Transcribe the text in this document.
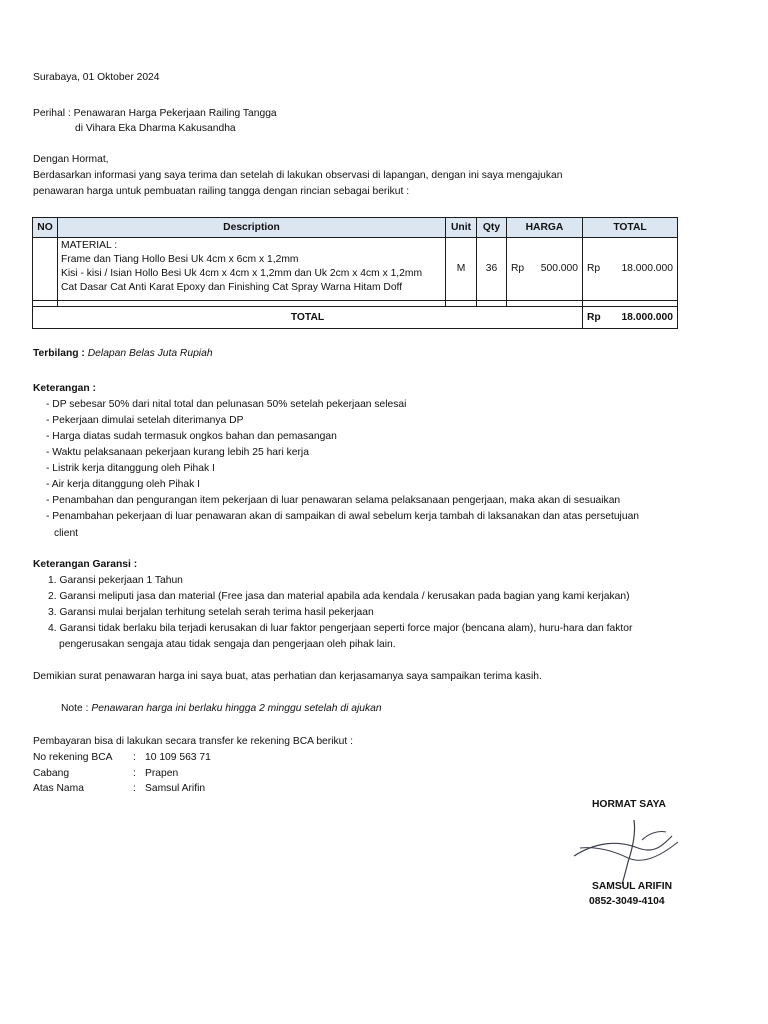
Surabaya, 01 Oktober 2024
Perihal : Penawaran Harga Pekerjaan Railing Tangga
di Vihara Eka Dharma Kakusandha
Dengan Hormat,
Berdasarkan informasi yang saya terima dan setelah di lakukan observasi di lapangan, dengan ini saya mengajukan
penawaran harga untuk pembuatan railing tangga dengan rincian sebagai berikut :
NO	Description	Unit	Qty	HARGA	TOTAL

	MATERIAL :
Frame dan Tiang Hollo Besi Uk 4cm x 6cm x 1,2mm
Kisi - kisi / Isian Hollo Besi Uk 4cm x 4cm x 1,2mm dan Uk 2cm x 4cm x 1,2mm
Cat Dasar Cat Anti Karat Epoxy dan Finishing Cat Spray Warna Hitam Doff	M	36	Rp 500.000	Rp 18.000.000

TOTAL					Rp 18.000.000
Terbilang : Delapan Belas Juta Rupiah
Keterangan :
- DP sebesar 50% dari nital total dan pelunasan 50% setelah pekerjaan selesai
- Pekerjaan dimulai setelah diterimanya DP
- Harga diatas sudah termasuk ongkos bahan dan pemasangan
- Waktu pelaksanaan pekerjaan kurang lebih 25 hari kerja
- Listrik kerja ditanggung oleh Pihak I
- Air kerja ditanggung oleh Pihak I
- Penambahan dan pengurangan item pekerjaan di luar penawaran selama pelaksanaan pengerjaan, maka akan di sesuaikan
- Penambahan pekerjaan di luar penawaran akan di sampaikan di awal sebelum kerja tambah di laksanakan dan atas persetujuan
client
Keterangan Garansi :
1. Garansi pekerjaan 1 Tahun
2. Garansi meliputi jasa dan material (Free jasa dan material apabila ada kendala / kerusakan pada bagian yang kami kerjakan)
3. Garansi mulai berjalan terhitung setelah serah terima hasil pekerjaan
4. Garansi tidak berlaku bila terjadi kerusakan di luar faktor pengerjaan seperti force major (bencana alam), huru-hara dan faktor
pengerusakan sengaja atau tidak sengaja dan pengerjaan oleh pihak lain.
Demikian surat penawaran harga ini saya buat, atas perhatian dan kerjasamanya saya sampaikan terima kasih.
Note : Penawaran harga ini berlaku hingga 2 minggu setelah di ajukan
Pembayaran bisa di lakukan secara transfer ke rekening BCA berikut :
No rekening BCA : 10 109 563 71
Cabang	: Prapen
Atas Nama	: Samsul Arifin
HORMAT SAYA
SAMSUL ARIFIN
0852-3049-4104
